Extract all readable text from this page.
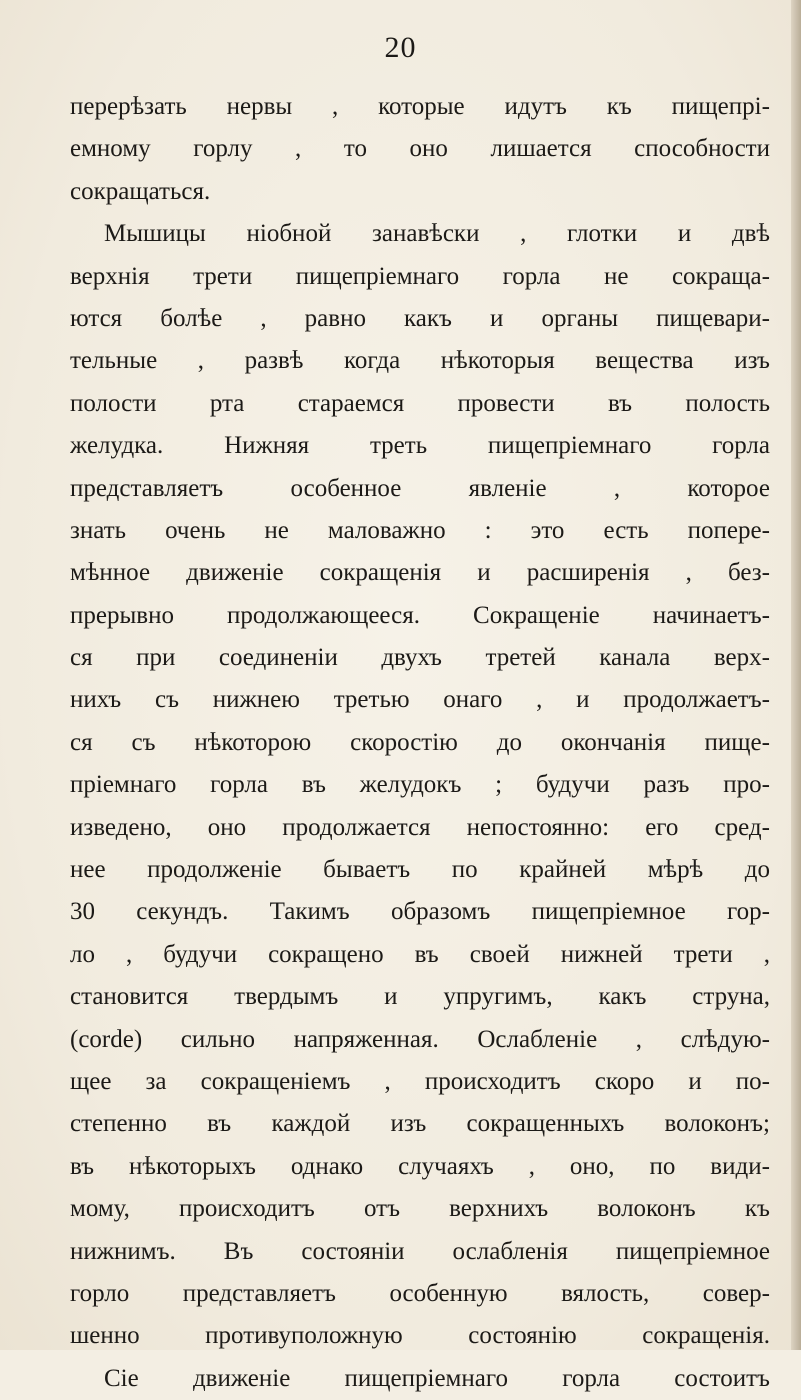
20
перерѣзать нервы , которые идутъ къ пищепрі-
емному горлу , то оно лишается способности
сокращаться.
Мышицы ніобной занавѣски , глотки и двѣ
верхнія трети пищепріемнаго горла не сокраща-
ются болѣе , равно какъ и органы пищевари-
тельные , развѣ когда нѣкоторыя вещества изъ
полости рта стараемся провести въ полость
желудка. Нижняя треть пищепріемнаго горла
представляетъ	особенное	явленіе	,	которое
знать очень не маловажно : это есть попере-
мѣнное движеніе сокращенія и расширенія , без-
прерывно продолжающееся. Сокращеніе начинаетъ-
ся при соединеніи двухъ третей канала верх-
нихъ съ нижнею третью онаго , и продолжаетъ-
ся съ нѣкоторою скоростію до окончанія пище-
пріемнаго горла въ желудокъ ; будучи разъ про-
изведено, оно продолжается непостоянно: его сред-
нее продолженіе бываетъ по крайней мѣрѣ до
30 секундъ. Такимъ образомъ пищепріемное гор-
ло , будучи сокращено въ своей нижней трети ,
становится твердымъ и упругимъ, какъ струна,
(corde) сильно напряженная. Ослабленіе , слѣдую-
щее за сокращеніемъ , происходитъ скоро и по-
степенно въ каждой изъ сокращенныхъ волоконъ;
въ нѣкоторыхъ однако случаяхъ , оно, по види-
мому, происходитъ отъ верхнихъ волоконъ къ
нижнимъ. Въ состояніи ослабленія пищепріемное
горло представляетъ особенную вялость, совер-
шенно	противуположную	состоянію	сокращенія.
Сіе движеніе пищепріемнаго горла состоитъ
